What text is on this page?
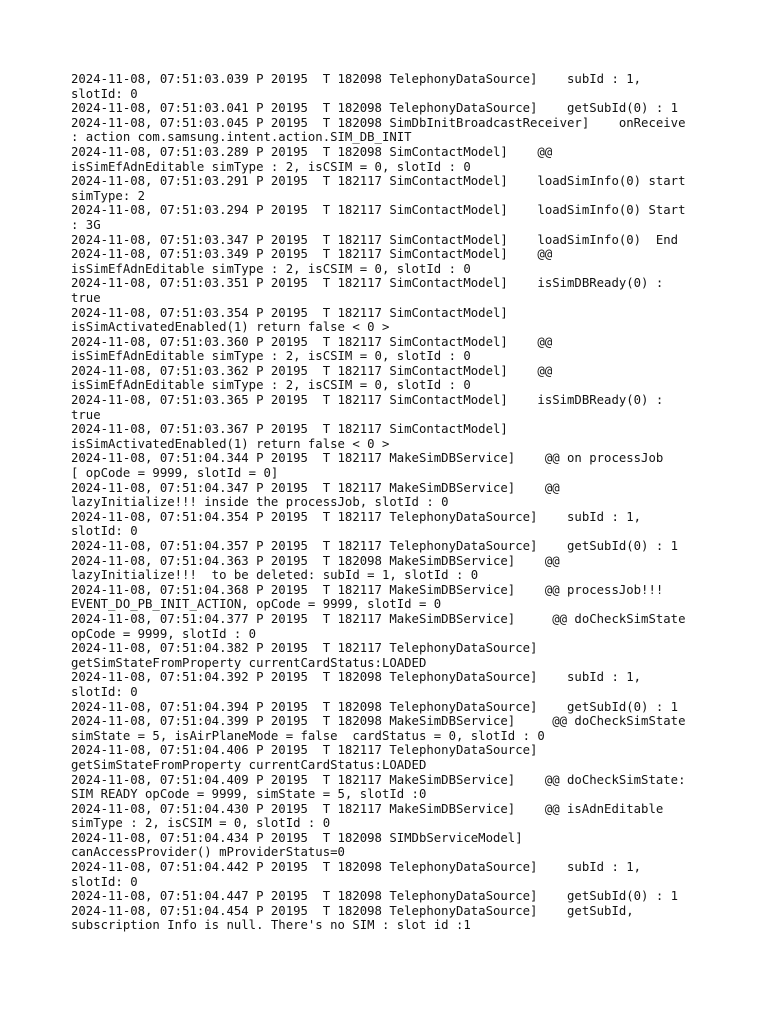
2024-11-08, 07:51:03.039 P 20195  T 182098 TelephonyDataSource]    subId : 1,
slotId: 0
2024-11-08, 07:51:03.041 P 20195  T 182098 TelephonyDataSource]    getSubId(0) : 1
2024-11-08, 07:51:03.045 P 20195  T 182098 SimDbInitBroadcastReceiver]    onReceive
: action com.samsung.intent.action.SIM_DB_INIT
2024-11-08, 07:51:03.289 P 20195  T 182098 SimContactModel]    @@
isSimEfAdnEditable simType : 2, isCSIM = 0, slotId : 0
2024-11-08, 07:51:03.291 P 20195  T 182117 SimContactModel]    loadSimInfo(0) start
simType: 2
2024-11-08, 07:51:03.294 P 20195  T 182117 SimContactModel]    loadSimInfo(0) Start
: 3G
2024-11-08, 07:51:03.347 P 20195  T 182117 SimContactModel]    loadSimInfo(0)  End
2024-11-08, 07:51:03.349 P 20195  T 182117 SimContactModel]    @@
isSimEfAdnEditable simType : 2, isCSIM = 0, slotId : 0
2024-11-08, 07:51:03.351 P 20195  T 182117 SimContactModel]    isSimDBReady(0) :
true
2024-11-08, 07:51:03.354 P 20195  T 182117 SimContactModel]
isSimActivatedEnabled(1) return false < 0 >
2024-11-08, 07:51:03.360 P 20195  T 182117 SimContactModel]    @@
isSimEfAdnEditable simType : 2, isCSIM = 0, slotId : 0
2024-11-08, 07:51:03.362 P 20195  T 182117 SimContactModel]    @@
isSimEfAdnEditable simType : 2, isCSIM = 0, slotId : 0
2024-11-08, 07:51:03.365 P 20195  T 182117 SimContactModel]    isSimDBReady(0) :
true
2024-11-08, 07:51:03.367 P 20195  T 182117 SimContactModel]
isSimActivatedEnabled(1) return false < 0 >
2024-11-08, 07:51:04.344 P 20195  T 182117 MakeSimDBService]    @@ on processJob
[ opCode = 9999, slotId = 0]
2024-11-08, 07:51:04.347 P 20195  T 182117 MakeSimDBService]    @@
lazyInitialize!!! inside the processJob, slotId : 0
2024-11-08, 07:51:04.354 P 20195  T 182117 TelephonyDataSource]    subId : 1,
slotId: 0
2024-11-08, 07:51:04.357 P 20195  T 182117 TelephonyDataSource]    getSubId(0) : 1
2024-11-08, 07:51:04.363 P 20195  T 182098 MakeSimDBService]    @@
lazyInitialize!!!  to be deleted: subId = 1, slotId : 0
2024-11-08, 07:51:04.368 P 20195  T 182117 MakeSimDBService]    @@ processJob!!!
EVENT_DO_PB_INIT_ACTION, opCode = 9999, slotId = 0
2024-11-08, 07:51:04.377 P 20195  T 182117 MakeSimDBService]     @@ doCheckSimState
opCode = 9999, slotId : 0
2024-11-08, 07:51:04.382 P 20195  T 182117 TelephonyDataSource]
getSimStateFromProperty currentCardStatus:LOADED
2024-11-08, 07:51:04.392 P 20195  T 182098 TelephonyDataSource]    subId : 1,
slotId: 0
2024-11-08, 07:51:04.394 P 20195  T 182098 TelephonyDataSource]    getSubId(0) : 1
2024-11-08, 07:51:04.399 P 20195  T 182098 MakeSimDBService]     @@ doCheckSimState
simState = 5, isAirPlaneMode = false  cardStatus = 0, slotId : 0
2024-11-08, 07:51:04.406 P 20195  T 182117 TelephonyDataSource]
getSimStateFromProperty currentCardStatus:LOADED
2024-11-08, 07:51:04.409 P 20195  T 182117 MakeSimDBService]    @@ doCheckSimState:
SIM READY opCode = 9999, simState = 5, slotId :0
2024-11-08, 07:51:04.430 P 20195  T 182117 MakeSimDBService]    @@ isAdnEditable
simType : 2, isCSIM = 0, slotId : 0
2024-11-08, 07:51:04.434 P 20195  T 182098 SIMDbServiceModel]
canAccessProvider() mProviderStatus=0
2024-11-08, 07:51:04.442 P 20195  T 182098 TelephonyDataSource]    subId : 1,
slotId: 0
2024-11-08, 07:51:04.447 P 20195  T 182098 TelephonyDataSource]    getSubId(0) : 1
2024-11-08, 07:51:04.454 P 20195  T 182098 TelephonyDataSource]    getSubId,
subscription Info is null. There's no SIM : slot id :1
